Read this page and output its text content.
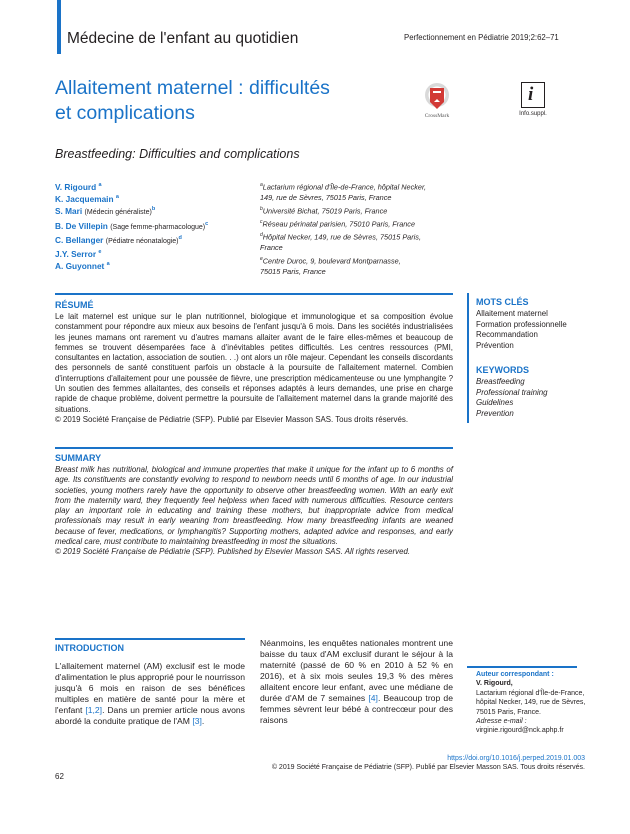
Médecine de l'enfant au quotidien	Perfectionnement en Pédiatrie 2019;2:62–71
Allaitement maternel : difficultés
et complications	CrossMark
i
Info.suppl.
Breastfeeding: Difficulties and complications
V. Rigourd $^a$
K. Jacquemain $^a$
S. Mari (Médecin généraliste)$^b$
B. De Villepin (Sage femme-pharmacologue)$^c$
C. Bellanger (Pédiatre néonatalogie)$^d$
J.Y. Serror $^e$
A. Guyonnet $^a$
$^a$Lactarium régional d'Île-de-France, hôpital Necker,
149, rue de Sèvres, 75015 Paris, France
$^b$Université Bichat, 75019 Paris, France
$^c$Réseau périnatal parisien, 75010 Paris, France
$^d$Hôpital Necker, 149, rue de Sèvres, 75015 Paris,
France
$^e$Centre Duroc, 9, boulevard Montparnasse,
75015 Paris, France
RÉSUMÉ
Le lait maternel est unique sur le plan nutritionnel, biologique et immunologique et sa composition évolue constamment pour répondre aux mieux aux besoins de l'enfant jusqu'à 6 mois. Dans les sociétés industrialisées les jeunes mamans ont rarement vu d'autres mamans allaiter avant de le faire elles-mêmes et beaucoup de femmes se trouvent désemparées face à d'inévitables petites difficultés. Les centres ressources (PMI, consultantes en lactation, association de soutien. . .) ont alors un rôle majeur. Cependant les conseils discordants des personnels de santé constituent parfois un obstacle à la poursuite de l'allaitement maternel. Combien d'interruptions d'allaitement pour une poussée de fièvre, une prescription médicamenteuse ou une lymphangite ? Un soutien des femmes allaitantes, des conseils et réponses adaptés à leurs demandes, une prise en charge rapide de chaque problème, doivent permettre la poursuite de l'allaitement maternel dans la grande majorité des situations.
© 2019 Société Française de Pédiatrie (SFP). Publié par Elsevier Masson SAS. Tous droits réservés.
SUMMARY
Breast milk has nutritional, biological and immune properties that make it unique for the infant up to 6 months of age. Its constituents are constantly evolving to respond to newborn needs until 6 months of age. In our industrial societies, young mothers rarely have the opportunity to observe other breastfeeding women. With an early exit from the maternity ward, they frequently feel helpless when faced with numerous difficulties. Resource centers play an important role in educating and training these mothers, but inappropriate advice from medical professionals may result in early weaning from breastfeeding. How many breastfeeding infants are weaned because of fever, medications, or lymphangitis? Supporting mothers, adapted advice and responses, and early medical care, must contribute to maintaining breastfeeding in most the situations.
© 2019 Société Française de Pédiatrie (SFP). Published by Elsevier Masson SAS. All rights reserved.
MOTS CLÉS
Allaitement maternel
Formation professionnelle
Recommandation
Prévention
KEYWORDS
Breastfeeding
Professional training
Guidelines
Prevention
INTRODUCTION
L'allaitement maternel (AM) exclusif est le mode d'alimentation le plus approprié pour le nourrisson jusqu'à 6 mois en raison de ses bénéfices multiples en matière de santé pour la mère et l'enfant [1,2]. Dans un premier article nous avons abordé la conduite pratique de l'AM [3].
Néanmoins, les enquêtes nationales montrent une baisse du taux d'AM exclusif durant le séjour à la maternité (passé de 60 % en 2010 à 52 % en 2016), et à six mois seules 19,3 % des mères allaitent encore leur enfant, avec une médiane de durée d'AM de 7 semaines [4]. Beaucoup trop de femmes sèvrent leur bébé à contrecœur pour des raisons
Auteur correspondant :
V. Rigourd,
Lactarium régional d'Île-de-France, hôpital Necker, 149, rue de Sèvres, 75015 Paris, France.
Adresse e-mail :
virginie.rigourd@nck.aphp.fr
https://doi.org/10.1016/j.perped.2019.01.003
© 2019 Société Française de Pédiatrie (SFP). Publié par Elsevier Masson SAS. Tous droits réservés.
62
